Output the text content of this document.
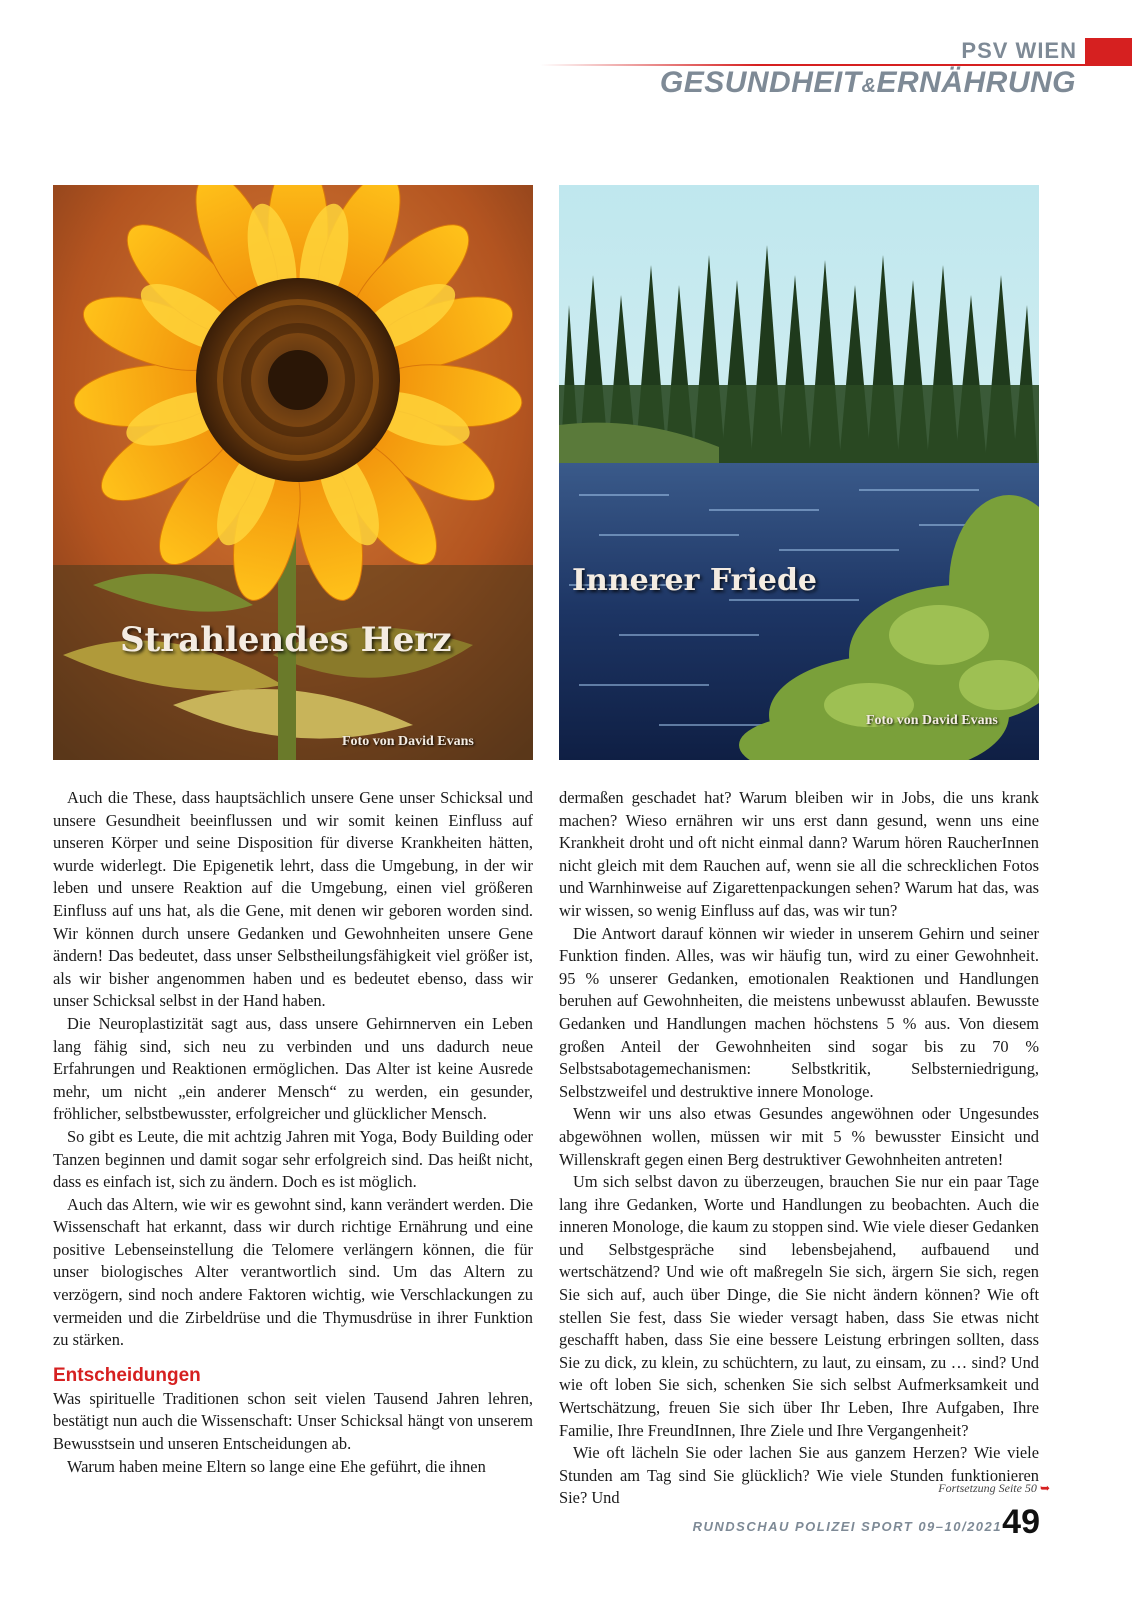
PSV WIEN
GESUNDHEIT&ERNÄHRUNG
Strahlendes Herz
Foto von David Evans
Innerer Friede
Foto von David Evans

Auch die These, dass hauptsächlich unsere Gene unser Schicksal und unsere Gesundheit beeinflussen und wir somit keinen Einfluss auf unseren Körper und seine Disposition für diverse Krankheiten hätten, wurde widerlegt. Die Epigenetik lehrt, dass die Umgebung, in der wir leben und unsere Reaktion auf die Umgebung, einen viel größeren Einfluss auf uns hat, als die Gene, mit denen wir geboren worden sind. Wir können durch unsere Gedanken und Gewohnheiten unsere Gene ändern! Das bedeutet, dass unser Selbstheilungsfähigkeit viel größer ist, als wir bisher angenommen haben und es bedeutet ebenso, dass wir unser Schicksal selbst in der Hand haben.

Die Neuroplastizität sagt aus, dass unsere Gehirnnerven ein Leben lang fähig sind, sich neu zu verbinden und uns dadurch neue Erfahrungen und Reaktionen ermöglichen. Das Alter ist keine Ausrede mehr, um nicht „ein anderer Mensch“ zu werden, ein gesunder, fröhlicher, selbstbewusster, erfolgreicher und glücklicher Mensch.

So gibt es Leute, die mit achtzig Jahren mit Yoga, Body Building oder Tanzen beginnen und damit sogar sehr erfolgreich sind. Das heißt nicht, dass es einfach ist, sich zu ändern. Doch es ist möglich.

Auch das Altern, wie wir es gewohnt sind, kann verändert werden. Die Wissenschaft hat erkannt, dass wir durch richtige Ernährung und eine positive Lebenseinstellung die Telomere verlängern können, die für unser biologisches Alter verantwortlich sind. Um das Altern zu verzögern, sind noch andere Faktoren wichtig, wie Verschlackungen zu vermeiden und die Zirbeldrüse und die Thymusdrüse in ihrer Funktion zu stärken.

Entscheidungen

Was spirituelle Traditionen schon seit vielen Tausend Jahren lehren, bestätigt nun auch die Wissenschaft: Unser Schicksal hängt von unserem Bewusstsein und unseren Entscheidungen ab.

Warum haben meine Eltern so lange eine Ehe geführt, die ihnen

dermaßen geschadet hat? Warum bleiben wir in Jobs, die uns krank machen? Wieso ernähren wir uns erst dann gesund, wenn uns eine Krankheit droht und oft nicht einmal dann? Warum hören RaucherInnen nicht gleich mit dem Rauchen auf, wenn sie all die schrecklichen Fotos und Warnhinweise auf Zigarettenpackungen sehen? Warum hat das, was wir wissen, so wenig Einfluss auf das, was wir tun?

Die Antwort darauf können wir wieder in unserem Gehirn und seiner Funktion finden. Alles, was wir häufig tun, wird zu einer Gewohnheit. 95 % unserer Gedanken, emotionalen Reaktionen und Handlungen beruhen auf Gewohnheiten, die meistens unbewusst ablaufen. Bewusste Gedanken und Handlungen machen höchstens 5 % aus. Von diesem großen Anteil der Gewohnheiten sind sogar bis zu 70 % Selbstsabotagemechanismen: Selbstkritik, Selbsterniedrigung, Selbstzweifel und destruktive innere Monologe.

Wenn wir uns also etwas Gesundes angewöhnen oder Ungesundes abgewöhnen wollen, müssen wir mit 5 % bewusster Einsicht und Willenskraft gegen einen Berg destruktiver Gewohnheiten antreten!

Um sich selbst davon zu überzeugen, brauchen Sie nur ein paar Tage lang ihre Gedanken, Worte und Handlungen zu beobachten. Auch die inneren Monologe, die kaum zu stoppen sind. Wie viele dieser Gedanken und Selbstgespräche sind lebensbejahend, aufbauend und wertschätzend? Und wie oft maßregeln Sie sich, ärgern Sie sich, regen Sie sich auf, auch über Dinge, die Sie nicht ändern können? Wie oft stellen Sie fest, dass Sie wieder versagt haben, dass Sie etwas nicht geschafft haben, dass Sie eine bessere Leistung erbringen sollten, dass Sie zu dick, zu klein, zu schüchtern, zu laut, zu einsam, zu … sind? Und wie oft loben Sie sich, schenken Sie sich selbst Aufmerksamkeit und Wertschätzung, freuen Sie sich über Ihr Leben, Ihre Aufgaben, Ihre Familie, Ihre FreundInnen, Ihre Ziele und Ihre Vergangenheit?

Wie oft lächeln Sie oder lachen Sie aus ganzem Herzen? Wie viele Stunden am Tag sind Sie glücklich? Wie viele Stunden funktionieren Sie? Und

Fortsetzung Seite 50 ➥
RUNDSCHAU POLIZEI SPORT 09–10/2021 49
